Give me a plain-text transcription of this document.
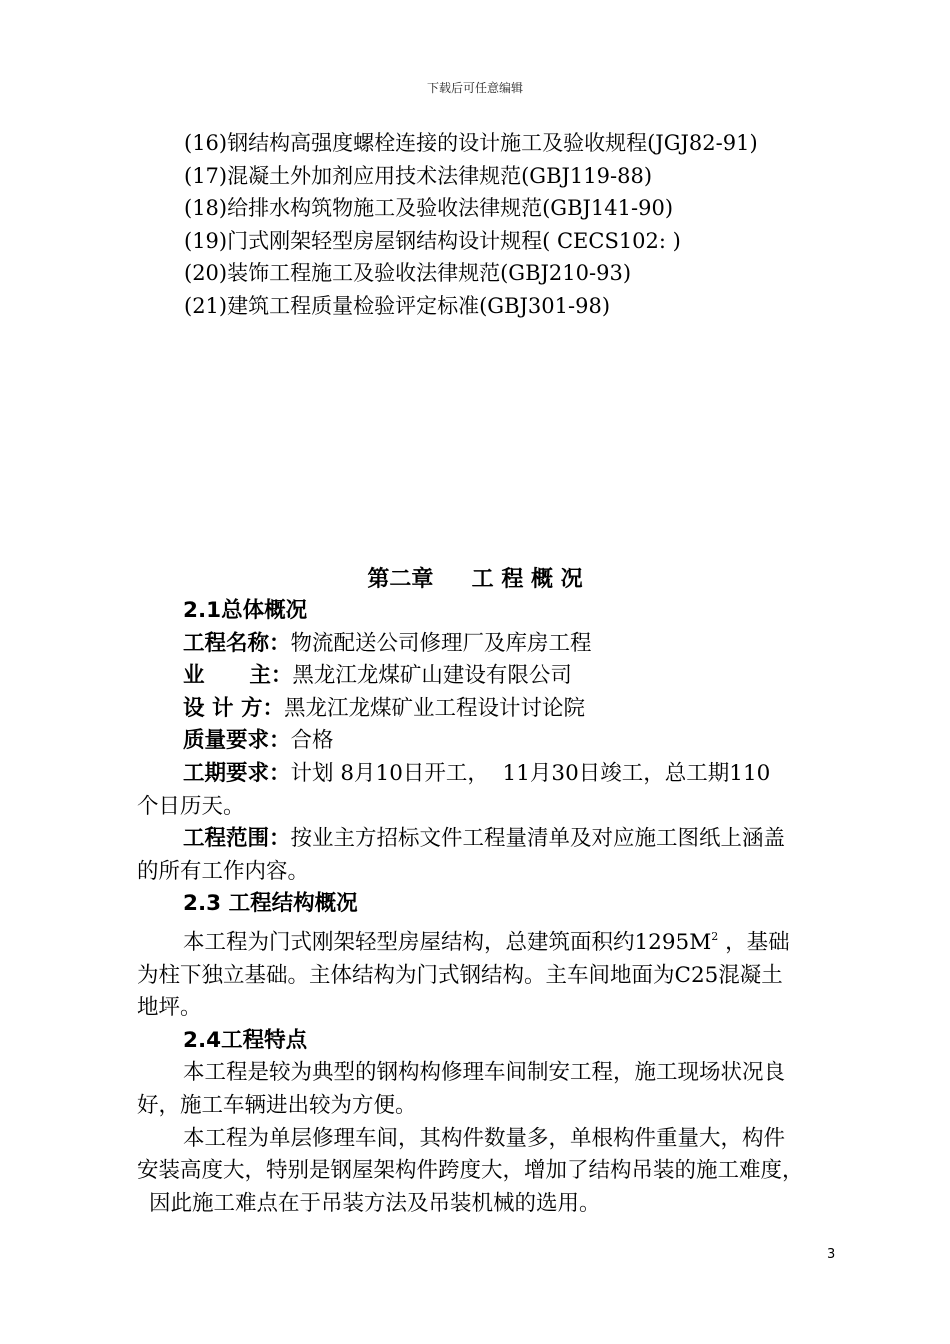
下载后可任意编辑
(16)钢结构高强度螺栓连接的设计施工及验收规程(JGJ82-91)
(17)混凝土外加剂应用技术法律规范(GBJ119-88)
(18)给排水构筑物施工及验收法律规范(GBJ141-90)
(19)门式刚架轻型房屋钢结构设计规程( CECS102: )
(20)装饰工程施工及验收法律规范(GBJ210-93)
(21)建筑工程质量检验评定标准(GBJ301-98)
第二章     工 程 概 况

2.1总体概况

工程名称：物流配送公司修理厂及库房工程

业      主：黑龙江龙煤矿山建设有限公司

设 计 方：黑龙江龙煤矿业工程设计讨论院

质量要求：合格

工期要求：计划 8月10日开工，  11月30日竣工，总工期110

个日历天。

工程范围：按业主方招标文件工程量清单及对应施工图纸上涵盖

的所有工作内容。

2.3 工程结构概况

本工程为门式刚架轻型房屋结构，总建筑面积约$1295M^2$ ，基础

为柱下独立基础。主体结构为门式钢结构。主车间地面为C25混凝土

地坪。

2.4工程特点

本工程是较为典型的钢构构修理车间制安工程，施工现场状况良

好，施工车辆进出较为方便。

本工程为单层修理车间，其构件数量多，单根构件重量大，构件

安装高度大，特别是钢屋架构件跨度大，增加了结构吊装的施工难度，

因此施工难点在于吊装方法及吊装机械的选用。

3
